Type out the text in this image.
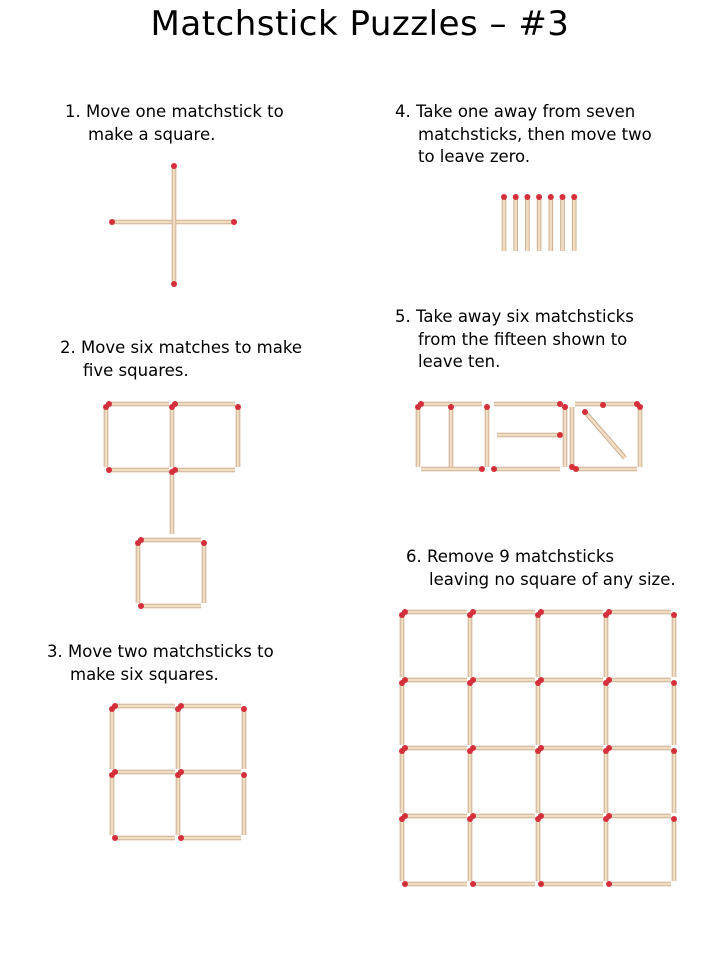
Matchstick Puzzles – #3
1. Move one matchstick to
make a square.
2. Move six matches to make
five squares.
3. Move two matchsticks to
make six squares.
4. Take one away from seven
matchsticks, then move two
to leave zero.
5. Take away six matchsticks
from the fifteen shown to
leave ten.
6. Remove 9 matchsticks
leaving no square of any size.
